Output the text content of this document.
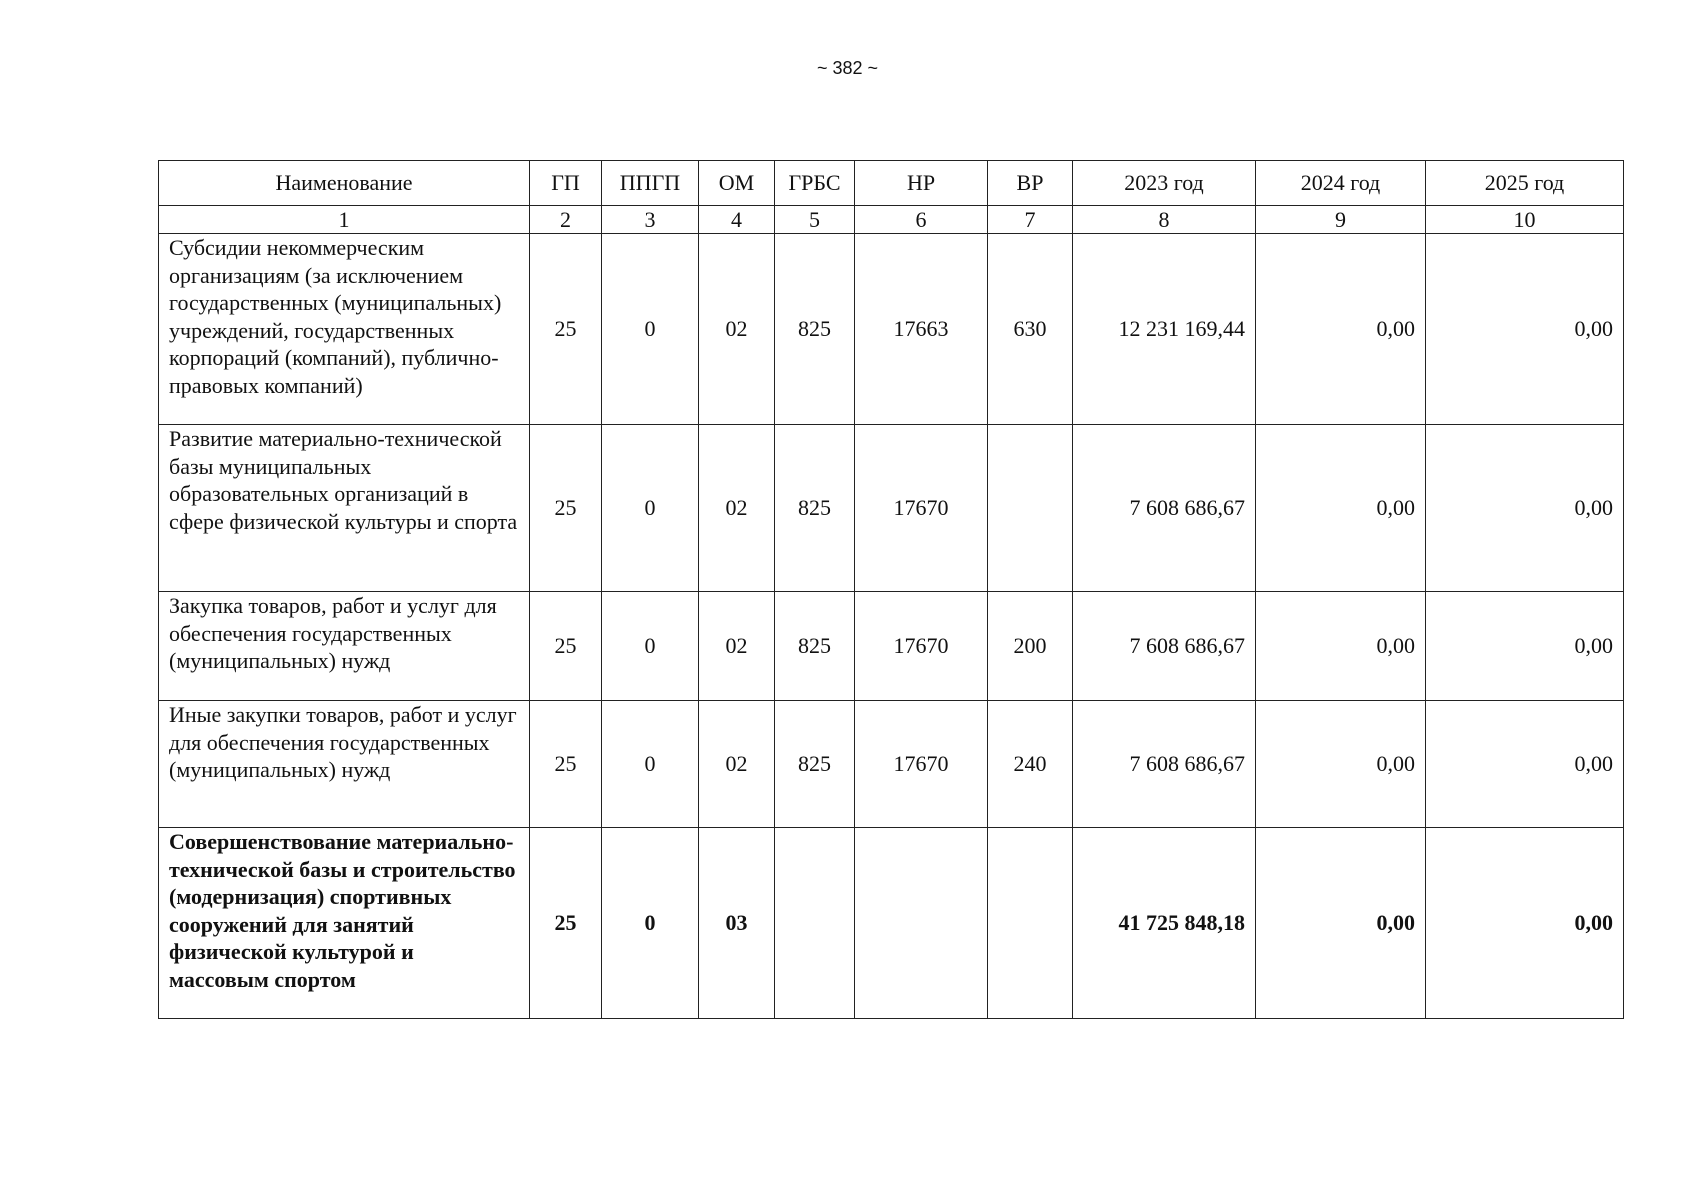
~ 382 ~
Наименование	ГП	ППГП	ОМ	ГРБС	НР	ВР	2023 год	2024 год	2025 год
1	2	3	4	5	6	7	8	9	10
Субсидии некоммерческим организациям (за исключением государственных (муниципальных) учреждений, государственных корпораций (компаний), публично-правовых компаний)	25	0	02	825	17663	630	12 231 169,44	0,00	0,00
Развитие материально-технической базы муниципальных образовательных организаций в сфере физической культуры и спорта	25	0	02	825	17670		7 608 686,67	0,00	0,00
Закупка товаров, работ и услуг для обеспечения государственных (муниципальных) нужд	25	0	02	825	17670	200	7 608 686,67	0,00	0,00
Иные закупки товаров, работ и услуг для обеспечения государственных (муниципальных) нужд	25	0	02	825	17670	240	7 608 686,67	0,00	0,00
Совершенствование материально-технической базы и строительство (модернизация) спортивных сооружений для занятий физической культурой и массовым спортом	25	0	03				41 725 848,18	0,00	0,00
